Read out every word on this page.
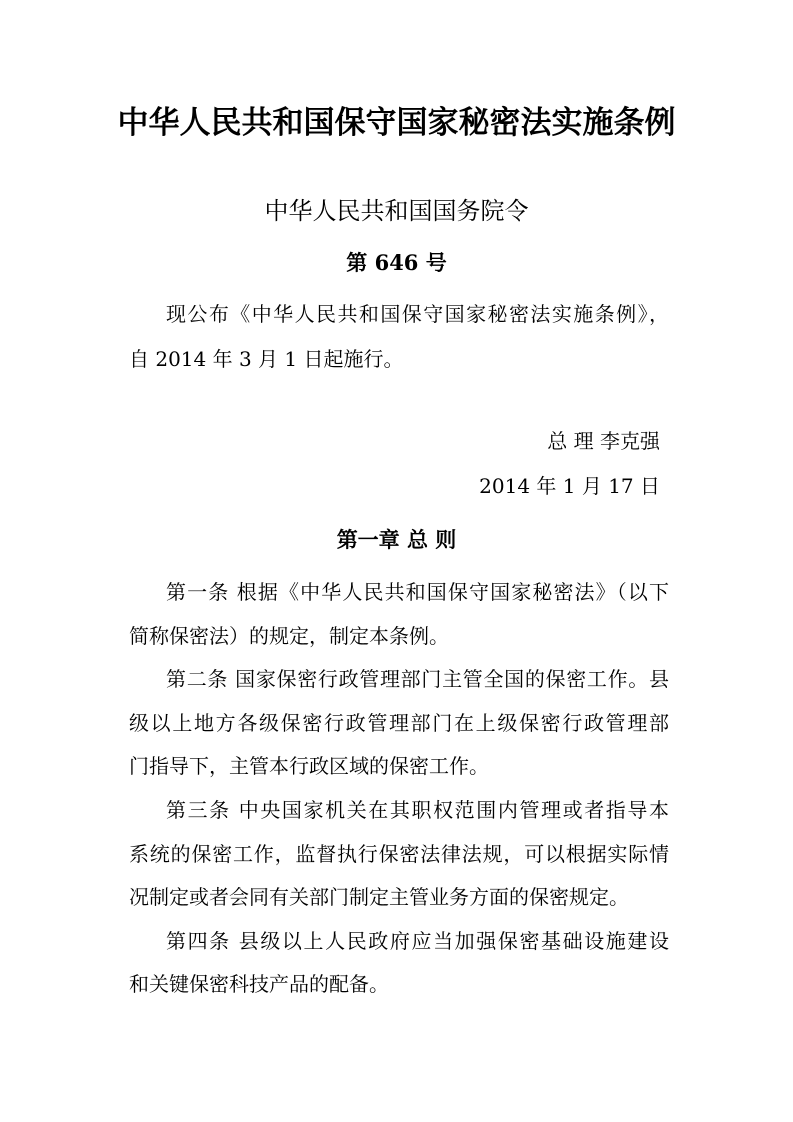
中华人民共和国保守国家秘密法实施条例
中华人民共和国国务院令
第 646 号
现公布《中华人民共和国保守国家秘密法实施条例》，
自 2014 年 3 月 1 日起施行。
总 理 李克强
2014 年 1 月 17 日
第一章 总 则
第一条 根据《中华人民共和国保守国家秘密法》（以下
简称保密法）的规定，制定本条例。
第二条 国家保密行政管理部门主管全国的保密工作。县
级以上地方各级保密行政管理部门在上级保密行政管理部
门指导下，主管本行政区域的保密工作。
第三条 中央国家机关在其职权范围内管理或者指导本
系统的保密工作，监督执行保密法律法规，可以根据实际情
况制定或者会同有关部门制定主管业务方面的保密规定。
第四条 县级以上人民政府应当加强保密基础设施建设
和关键保密科技产品的配备。
